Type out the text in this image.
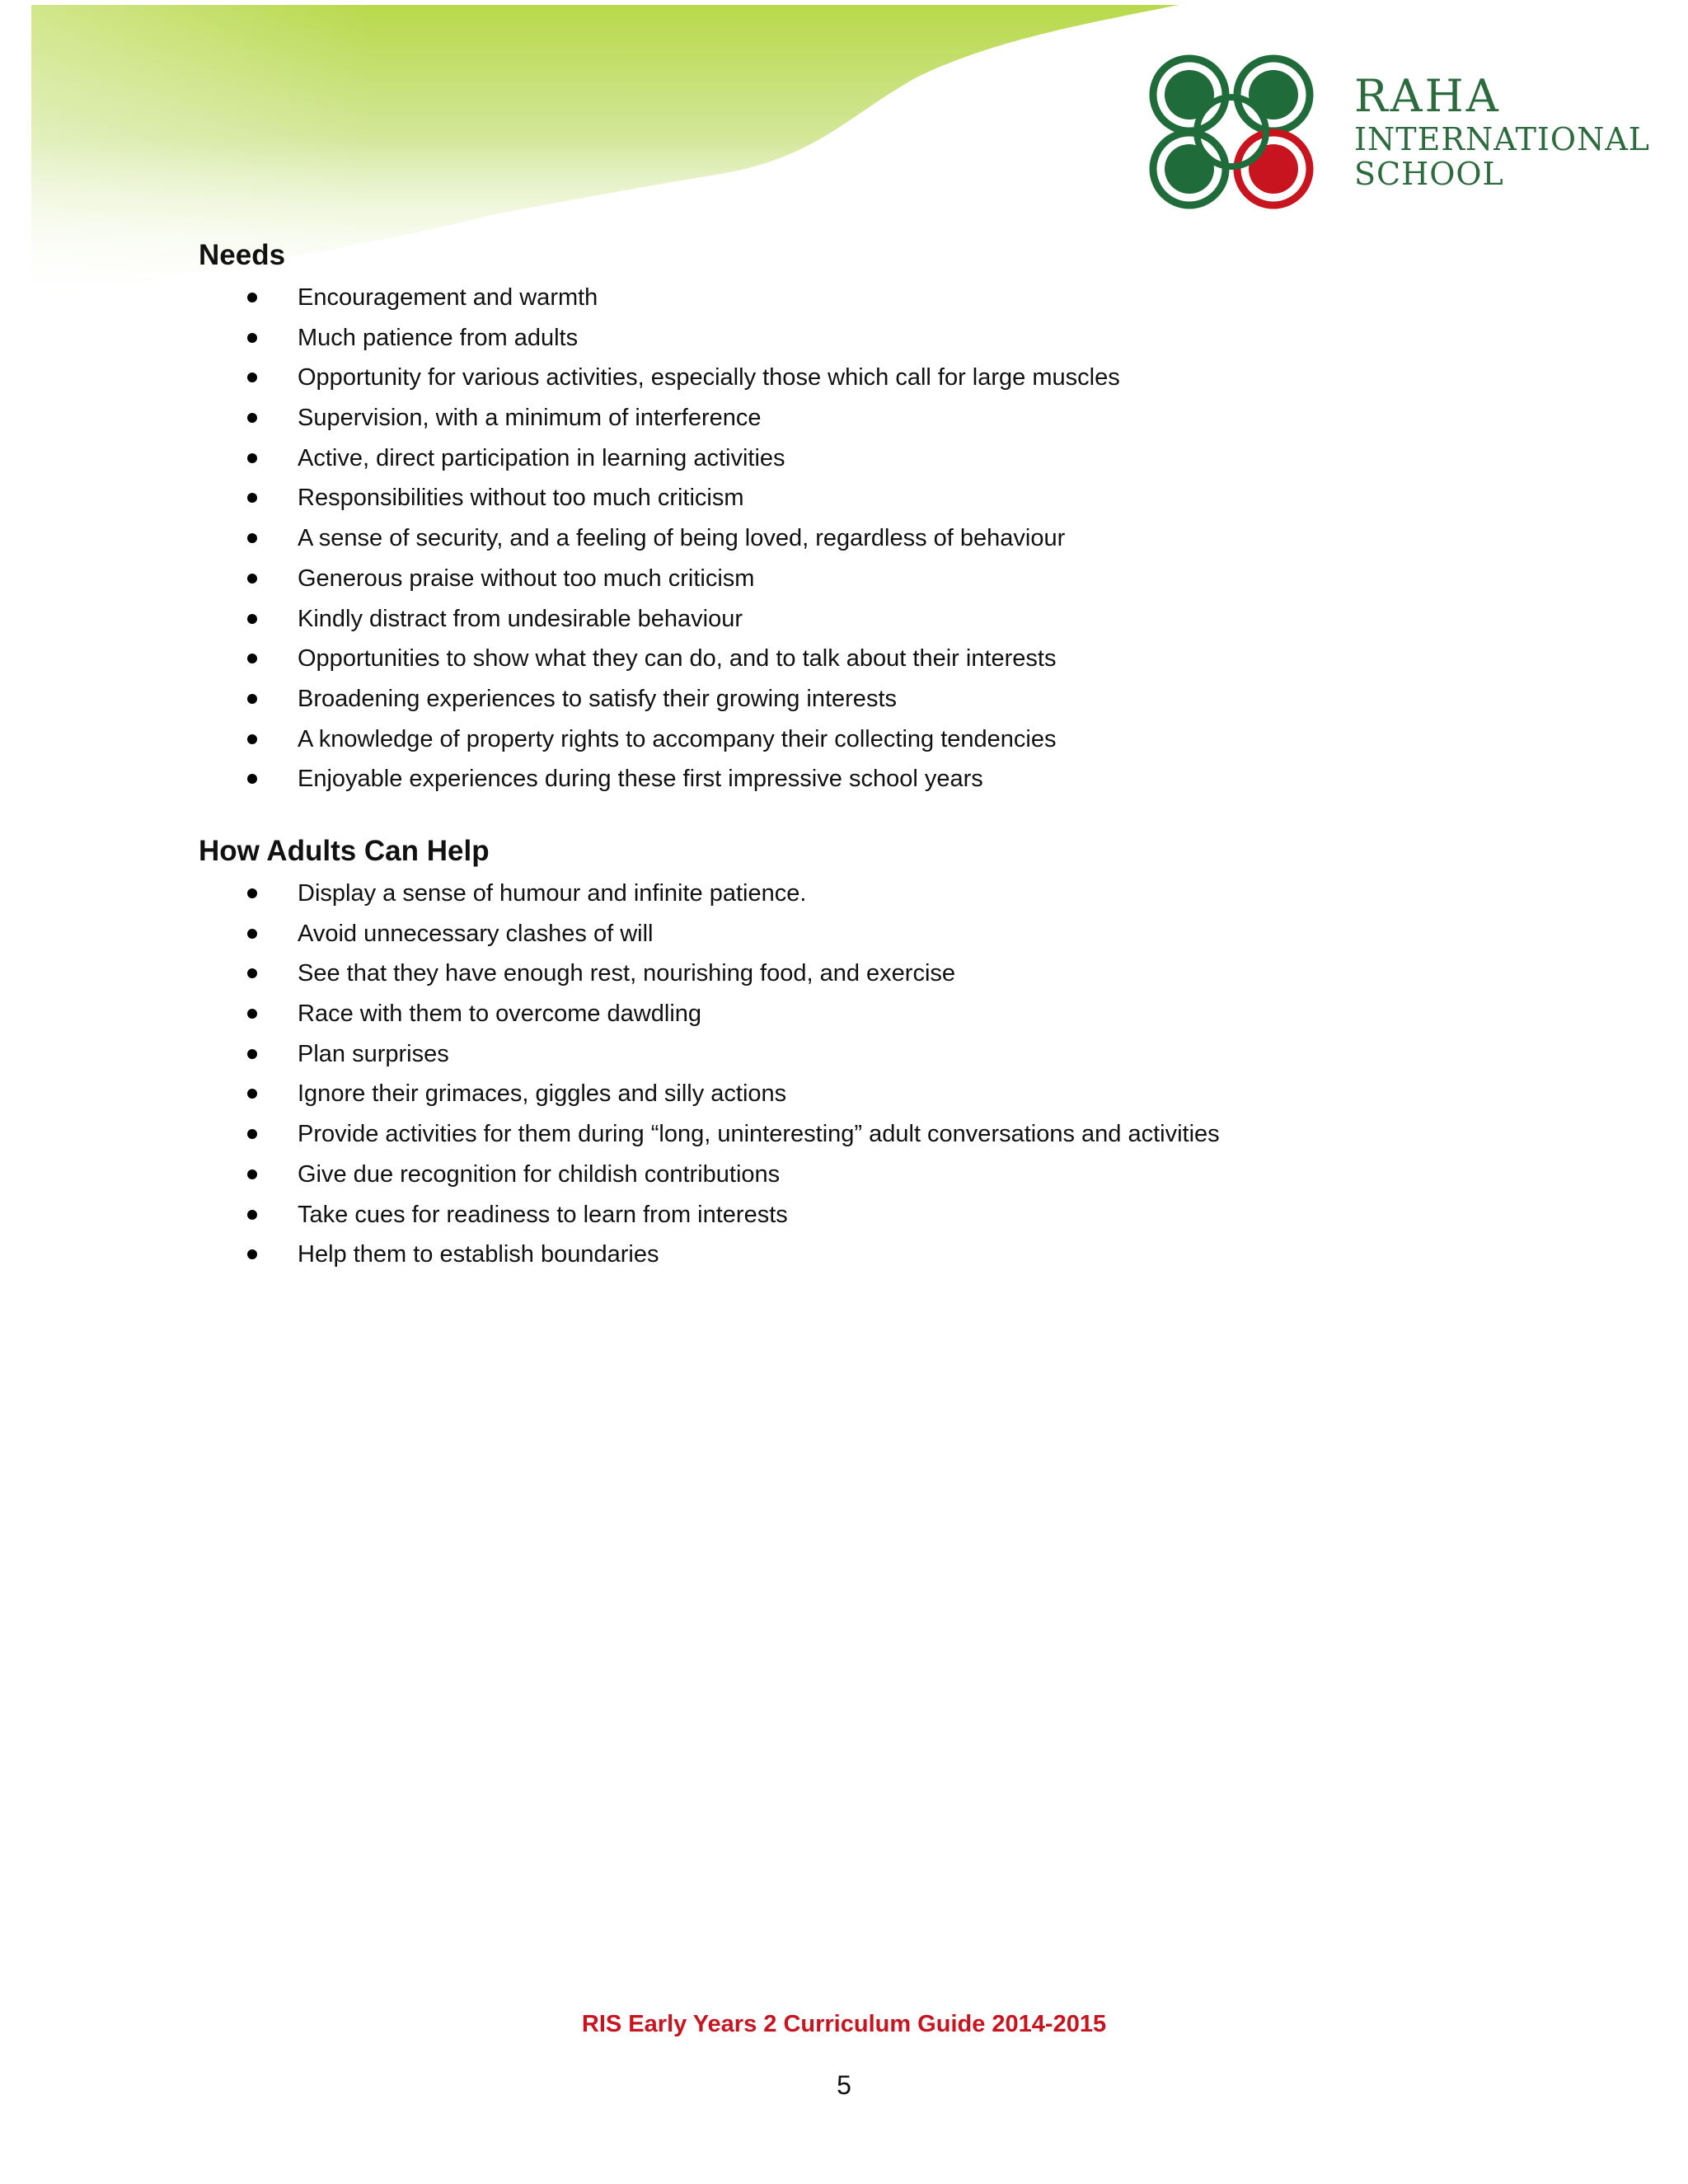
RAHA
INTERNATIONAL
SCHOOL
Needs
Encouragement and warmth
Much patience from adults
Opportunity for various activities, especially those which call for large muscles
Supervision, with a minimum of interference
Active, direct participation in learning activities
Responsibilities without too much criticism
A sense of security, and a feeling of being loved, regardless of behaviour
Generous praise without too much criticism
Kindly distract from undesirable behaviour
Opportunities to show what they can do, and to talk about their interests
Broadening experiences to satisfy their growing interests
A knowledge of property rights to accompany their collecting tendencies
Enjoyable experiences during these first impressive school years
How Adults Can Help
Display a sense of humour and infinite patience.
Avoid unnecessary clashes of will
See that they have enough rest, nourishing food, and exercise
Race with them to overcome dawdling
Plan surprises
Ignore their grimaces, giggles and silly actions
Provide activities for them during “long, uninteresting” adult conversations and activities
Give due recognition for childish contributions
Take cues for readiness to learn from interests
Help them to establish boundaries
RIS Early Years 2 Curriculum Guide 2014-2015
5
